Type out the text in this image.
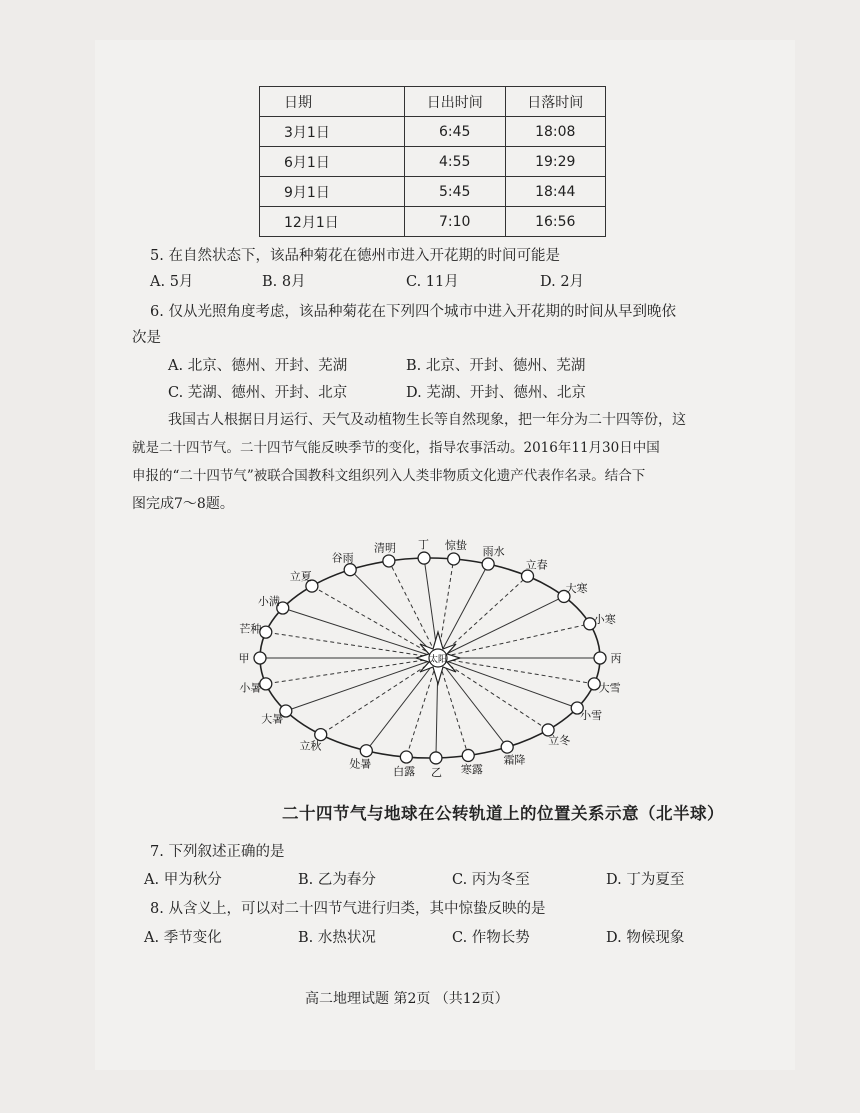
日期	日出时间	日落时间
3月1日	6:45	18:08
6月1日	4:55	19:29
9月1日	5:45	18:44
12月1日	7:10	16:56
5. 在自然状态下，该品种菊花在德州市进入开花期的时间可能是
A. 5月	B. 8月	C. 11月	D. 2月
6. 仅从光照角度考虑，该品种菊花在下列四个城市中进入开花期的时间从早到晚依
次是
A. 北京、德州、开封、芜湖	B. 北京、开封、德州、芜湖
C. 芜湖、德州、开封、北京	D. 芜湖、开封、德州、北京
我国古人根据日月运行、天气及动植物生长等自然现象，把一年分为二十四等份，这
就是二十四节气。二十四节气能反映季节的变化，指导农事活动。2016年11月30日中国
申报的“二十四节气”被联合国教科文组织列入人类非物质文化遗产代表作名录。结合下
图完成7～8题。
太阳	丙
小寒
大寒
立春
雨水
惊蛰
丁
清明
谷雨
立夏
小满
芒种
甲
小暑
大暑
立秋
处暑
白露 乙 寒露
霜降
立冬
小雪
大雪
二十四节气与地球在公转轨道上的位置关系示意（北半球）
7. 下列叙述正确的是
A. 甲为秋分	B. 乙为春分	C. 丙为冬至	D. 丁为夏至
8. 从含义上，可以对二十四节气进行归类，其中惊蛰反映的是
A. 季节变化	B. 水热状况	C. 作物长势	D. 物候现象
高二地理试题 第2页 （共12页）
